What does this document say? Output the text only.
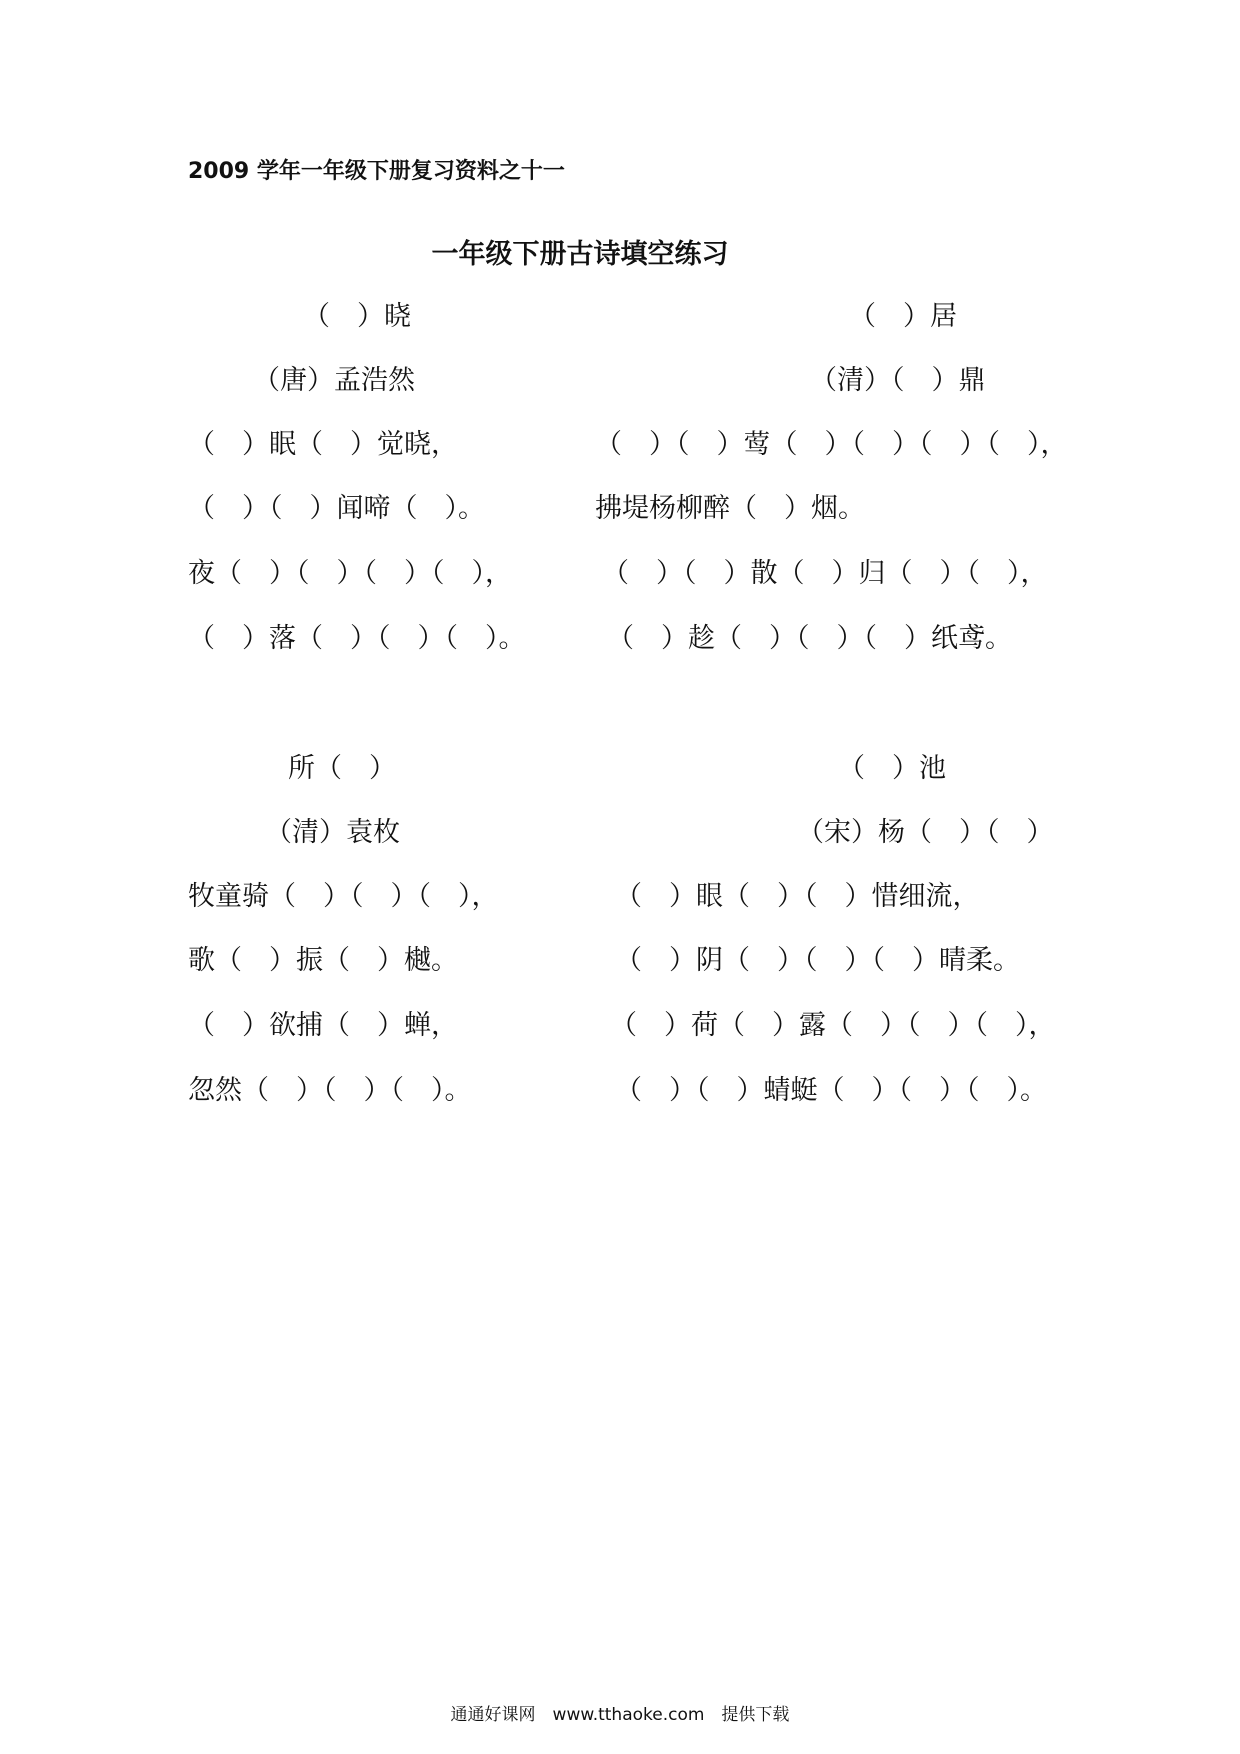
2009 学年一年级下册复习资料之十一
一年级下册古诗填空练习
（　）晓
（唐）孟浩然
（　）眠（　）觉晓，
（　）（　）闻啼（　）。
夜（　）（　）（　）（　），
（　）落（　）（　）（　）。
（　）居
（清）（　）鼎
（　）（　）莺（　）（　）（　）（　），
拂堤杨柳醉（　）烟。
（　）（　）散（　）归（　）（　），
（　）趁（　）（　）（　）纸鸢。
所（　）
（清）袁枚
牧童骑（　）（　）（　），
歌（　）振（　）樾。
（　）欲捕（　）蝉，
忽然（　）（　）（　）。
（　）池
（宋）杨（　）（　）
（　）眼（　）（　）惜细流，
（　）阴（　）（　）（　）晴柔。
（　）荷（　）露（　）（　）（　），
（　）（　）蜻蜓（　）（　）（　）。
通通好课网　www.tthaoke.com　提供下载
